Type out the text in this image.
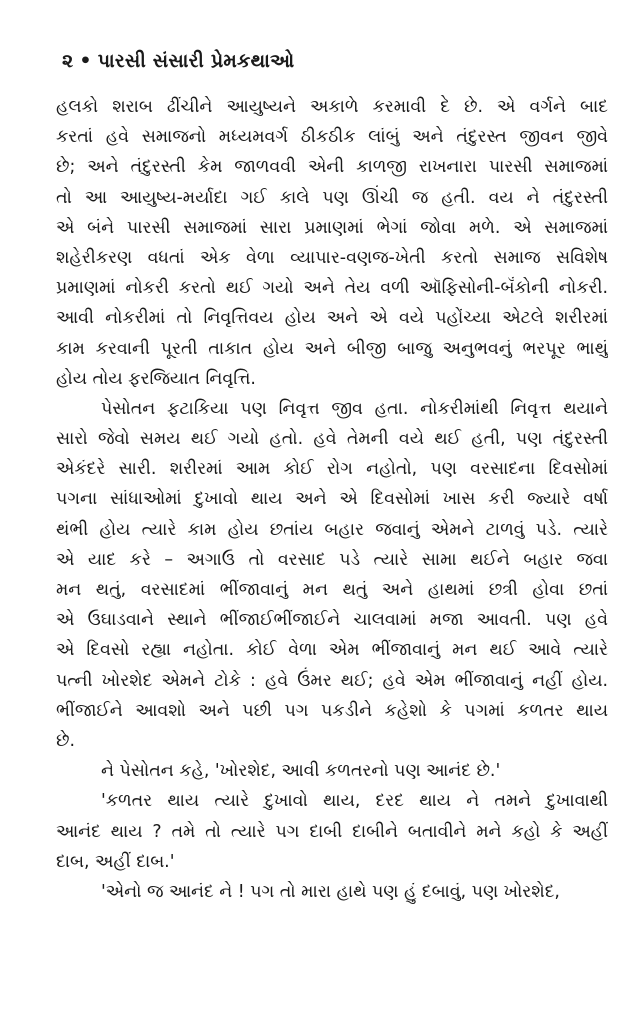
૨ • પારસી સંસારી પ્રેમકથાઓ
હલકો શરાબ ઢીંચીને આયુષ્યને અકાળે કરમાવી દે છે. એ વર્ગને બાદ
કરતાં હવે સમાજનો મધ્યમવર્ગ ઠીકઠીક લાંબું અને તંદુરસ્ત જીવન જીવે
છે; અને તંદુરસ્તી કેમ જાળવવી એની કાળજી રાખનારા પારસી સમાજમાં
તો આ આયુષ્ય-મર્યાદા ગઈ કાલે પણ ઊંચી જ હતી. વય ને તંદુરસ્તી
એ બંને પારસી સમાજમાં સારા પ્રમાણમાં ભેગાં જોવા મળે. એ સમાજમાં
શહેરીકરણ વધતાં એક વેળા વ્યાપાર-વણજ-ખેતી કરતો સમાજ સવિશેષ
પ્રમાણમાં નોકરી કરતો થઈ ગયો અને તેય વળી ઑફિસોની-બૅંકોની નોકરી.
આવી નોકરીમાં તો નિવૃત્તિવય હોય અને એ વયે પહોંચ્યા એટલે શરીરમાં
કામ કરવાની પૂરતી તાકાત હોય અને બીજી બાજુ અનુભવનું ભરપૂર ભાથું
હોય તોય ફરજિયાત નિવૃત્તિ.
પેસોતન ફટાકિયા પણ નિવૃત્ત જીવ હતા. નોકરીમાંથી નિવૃત્ત થયાને
સારો જેવો સમય થઈ ગયો હતો. હવે તેમની વયે થઈ હતી, પણ તંદુરસ્તી
એકંદરે સારી. શરીરમાં આમ કોઈ રોગ નહોતો, પણ વરસાદના દિવસોમાં
પગના સાંધાઓમાં દુખાવો થાય અને એ દિવસોમાં ખાસ કરી જ્યારે વર્ષા
થંભી હોય ત્યારે કામ હોય છતાંય બહાર જવાનું એમને ટાળવું પડે. ત્યારે
એ યાદ કરે – અગાઉ તો વરસાદ પડે ત્યારે સામા થઈને બહાર જવા
મન થતું, વરસાદમાં ભીંજાવાનું મન થતું અને હાથમાં છત્રી હોવા છતાં
એ ઉઘાડવાને સ્થાને ભીંજાઈભીંજાઈને ચાલવામાં મજા આવતી. પણ હવે
એ દિવસો રહ્યા નહોતા. કોઈ વેળા એમ ભીંજાવાનું મન થઈ આવે ત્યારે
પત્ની ખોરશેદ એમને ટોકે : હવે ઉંમર થઈ; હવે એમ ભીંજાવાનું નહીં હોય.
ભીંજાઈને આવશો અને પછી પગ પકડીને કહેશો કે પગમાં કળતર થાય
છે.
ને પેસોતન કહે, 'ખોરશેદ, આવી કળતરનો પણ આનંદ છે.'
'કળતર થાય ત્યારે દુખાવો થાય, દરદ થાય ને તમને દુખાવાથી
આનંદ થાય ? તમે તો ત્યારે પગ દાબી દાબીને બતાવીને મને કહો કે અહીં
દાબ, અહીં દાબ.'
'એનો જ આનંદ ને ! પગ તો મારા હાથે પણ હું દબાવું, પણ ખોરશેદ,
